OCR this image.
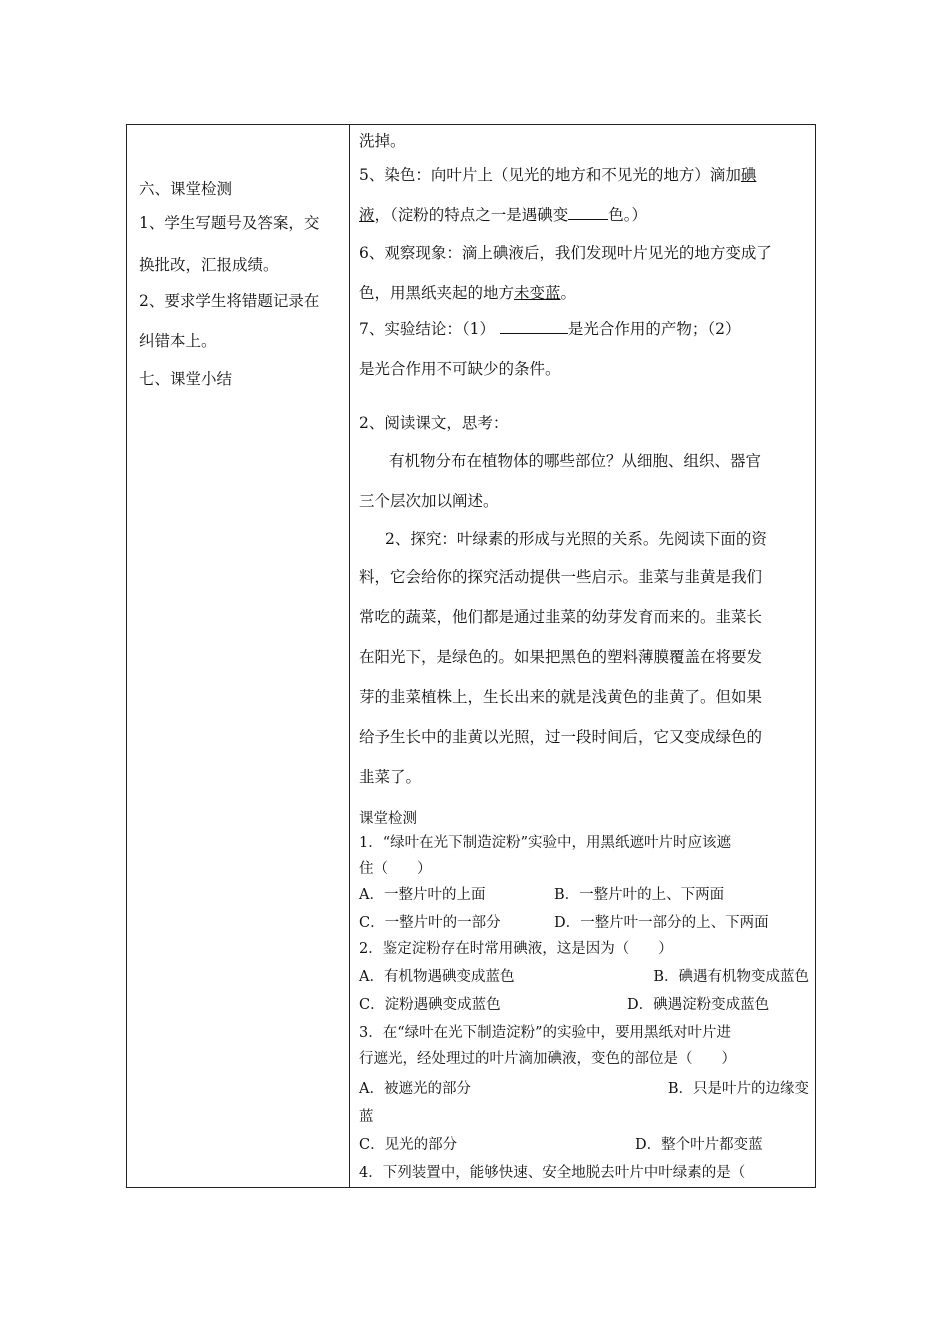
六、课堂检测
1、学生写题号及答案，交
换批改，汇报成绩。
2、要求学生将错题记录在
纠错本上。
七、课堂小结
洗掉。
5、染色：向叶片上（见光的地方和不见光的地方）滴加碘
液，（淀粉的特点之一是遇碘变	色。）
6、观察现象：滴上碘液后，我们发现叶片见光的地方变成了
色，用黑纸夹起的地方未变蓝。
7、实验结论：（1）	是光合作用的产物；（2）
是光合作用不可缺少的条件。
2、阅读课文，思考：
有机物分布在植物体的哪些部位？从细胞、组织、器官
三个层次加以阐述。
2、探究：叶绿素的形成与光照的关系。先阅读下面的资
料，它会给你的探究活动提供一些启示。韭菜与韭黄是我们
常吃的蔬菜，他们都是通过韭菜的幼芽发育而来的。韭菜长
在阳光下，是绿色的。如果把黑色的塑料薄膜覆盖在将要发
芽的韭菜植株上，生长出来的就是浅黄色的韭黄了。但如果
给予生长中的韭黄以光照，过一段时间后，它又变成绿色的
韭菜了。
课堂检测
1．“绿叶在光下制造淀粉”实验中，用黑纸遮叶片时应该遮
住（　　）
A．一整片叶的上面	B．一整片叶的上、下两面
C．一整片叶的一部分	D．一整片叶一部分的上、下两面
2．鉴定淀粉存在时常用碘液，这是因为（　　）
A．有机物遇碘变成蓝色	B．碘遇有机物变成蓝色
C．淀粉遇碘变成蓝色	D．碘遇淀粉变成蓝色
3．在“绿叶在光下制造淀粉”的实验中，要用黑纸对叶片进
行遮光，经处理过的叶片滴加碘液，变色的部位是（　　）
A．被遮光的部分	B．只是叶片的边缘变
蓝
C．见光的部分	D．整个叶片都变蓝
4．下列装置中，能够快速、安全地脱去叶片中叶绿素的是（
